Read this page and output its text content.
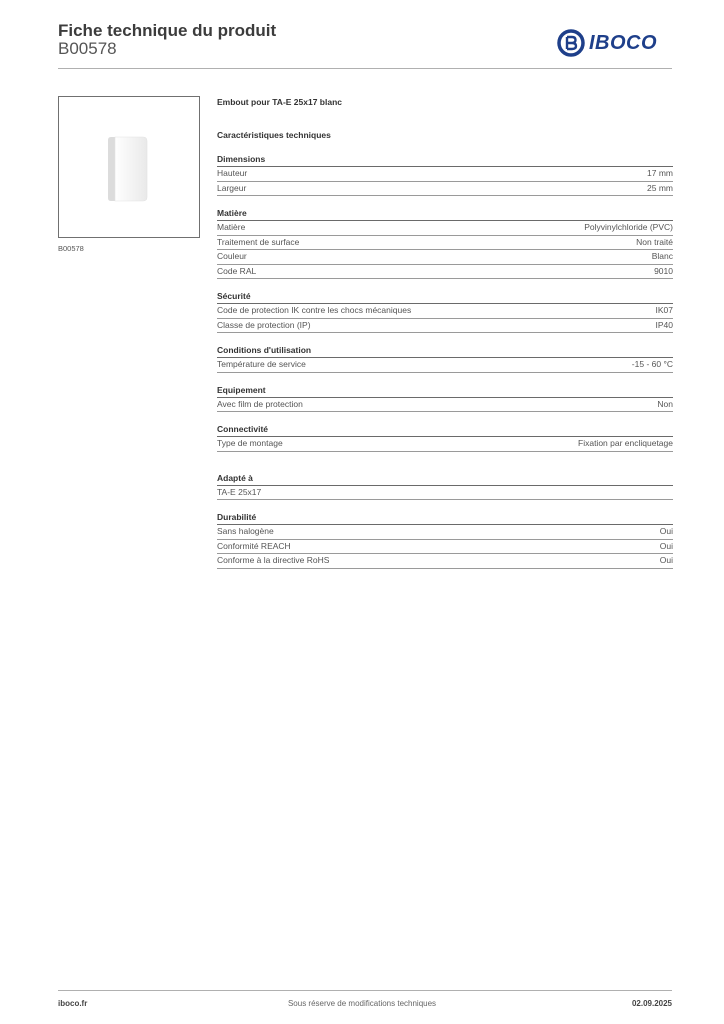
Fiche technique du produit
B00578	IBOCO
B00578
Embout pour TA-E 25x17 blanc
Caractéristiques techniques
Dimensions
Hauteur	17 mm
Largeur	25 mm
Matière
Matière	Polyvinylchloride (PVC)
Traitement de surface	Non traité
Couleur	Blanc
Code RAL	9010
Sécurité
Code de protection IK contre les chocs mécaniques	IK07
Classe de protection (IP)	IP40
Conditions d'utilisation
Température de service	-15 - 60 °C
Equipement
Avec film de protection	Non
Connectivité
Type de montage	Fixation par encliquetage
Adapté à
TA-E 25x17
Durabilité
Sans halogène	Oui
Conformité REACH	Oui
Conforme à la directive RoHS	Oui
iboco.fr	Sous réserve de modifications techniques	02.09.2025
